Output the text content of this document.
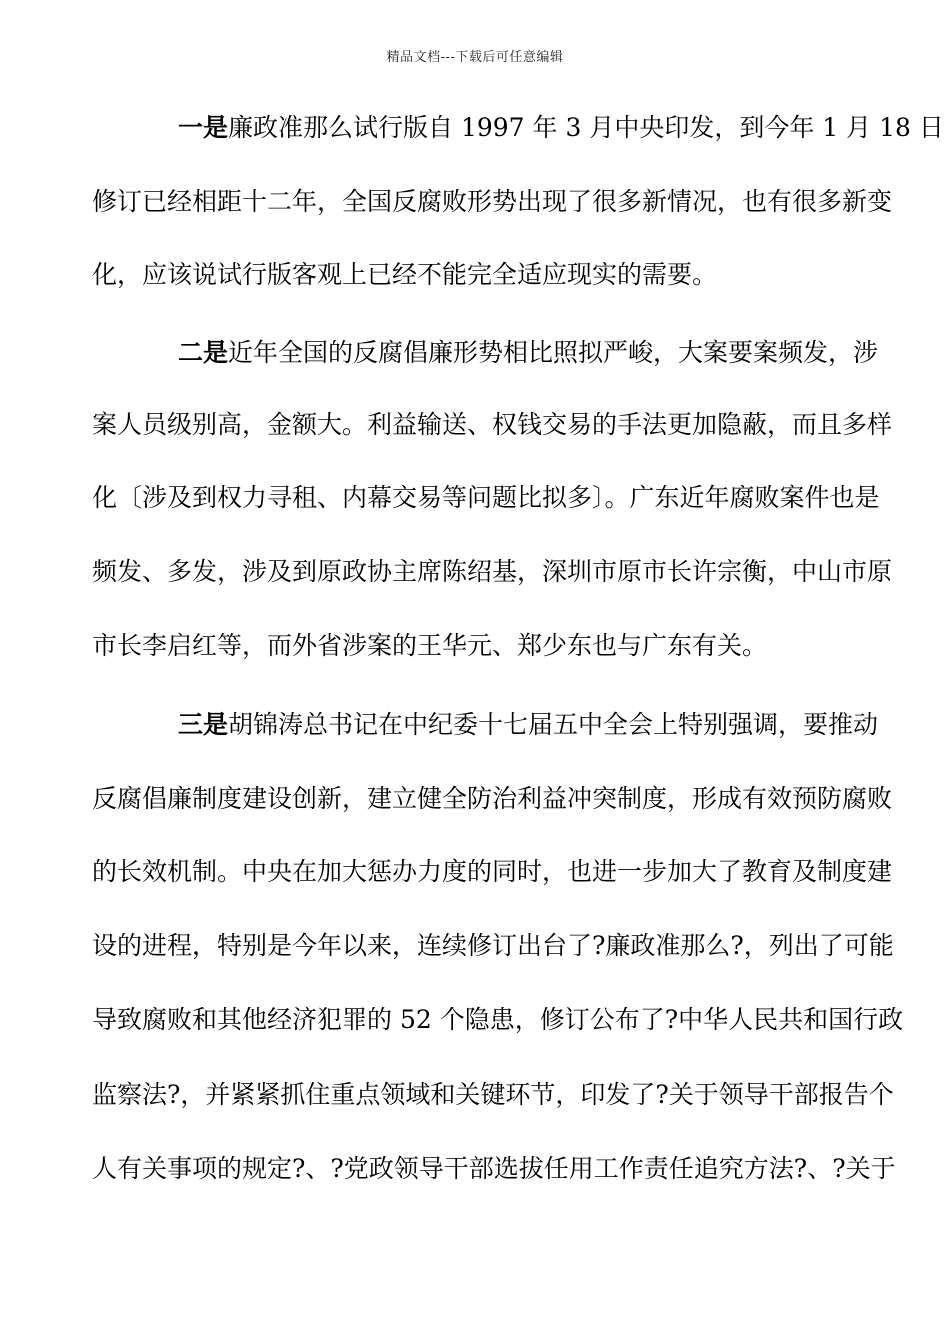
精品文档---下载后可任意编辑
一是廉政准那么试行版自 1997 年 3 月中央印发，到今年 1 月 18 日
修订已经相距十二年，全国反腐败形势出现了很多新情况，也有很多新变
化，应该说试行版客观上已经不能完全适应现实的需要。
二是近年全国的反腐倡廉形势相比照拟严峻，大案要案频发，涉
案人员级别高，金额大。利益输送、权钱交易的手法更加隐蔽，而且多样
化〔涉及到权力寻租、内幕交易等问题比拟多〕。广东近年腐败案件也是
频发、多发，涉及到原政协主席陈绍基，深圳市原市长许宗衡，中山市原
市长李启红等，而外省涉案的王华元、郑少东也与广东有关。
三是胡锦涛总书记在中纪委十七届五中全会上特别强调，要推动
反腐倡廉制度建设创新，建立健全防治利益冲突制度，形成有效预防腐败
的长效机制。中央在加大惩办力度的同时，也进一步加大了教育及制度建
设的进程，特别是今年以来，连续修订出台了?廉政准那么?，列出了可能
导致腐败和其他经济犯罪的 52 个隐患，修订公布了?中华人民共和国行政
监察法?，并紧紧抓住重点领域和关键环节，印发了?关于领导干部报告个
人有关事项的规定?、?党政领导干部选拔任用工作责任追究方法?、?关于
